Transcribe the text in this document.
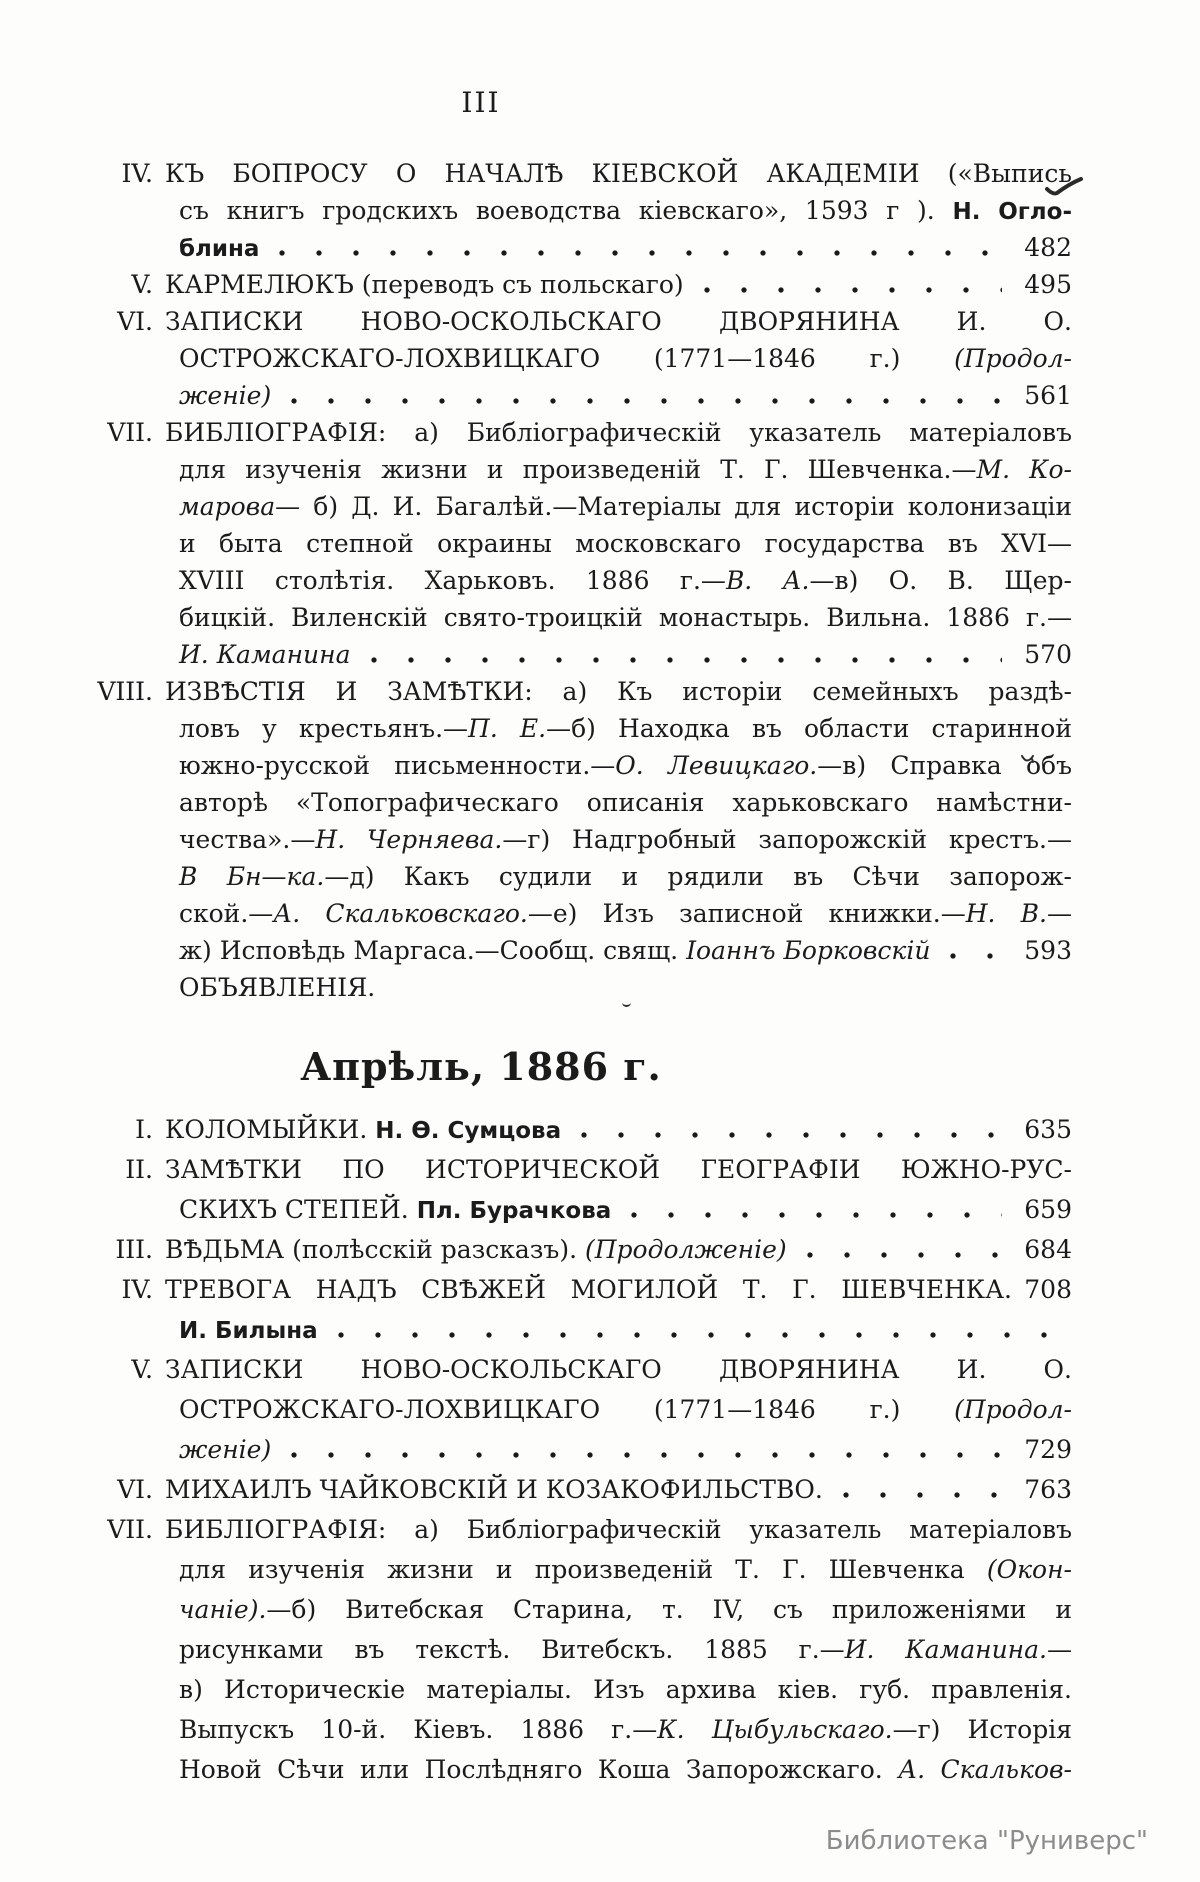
III
IV. КЪ БОПРОСУ О НАЧАЛѢ КІЕВСКОЙ АКАДЕМІИ («Выпись
съ книгъ гродскихъ воеводства кіевскаго», 1593 г ). Н. Огло-
блина	482
V. КАРМЕЛЮКЪ (переводъ съ польскаго)	495
VI. ЗАПИСКИ НОВО-ОСКОЛЬСКАГО ДВОРЯНИНА И. О.
ОСТРОЖСКАГО-ЛОХВИЦКАГО (1771—1846 г.) (Продол-
женіе)	561
VII. БИБЛІОГРАФІЯ: а) Библіографическій указатель матеріаловъ
для изученія жизни и произведеній Т. Г. Шевченка.—М. Ко-
марова— б) Д. И. Багалѣй.—Матеріалы для исторіи колонизаціи
и быта степной окраины московскаго государства въ XVI—
XVIII столѣтія. Харьковъ. 1886 г.—В. А.—в) О. В. Щер-
бицкій. Виленскій свято-троицкій монастырь. Вильна. 1886 г.—
И. Каманина	570
VIII. ИЗВѢСТІЯ И ЗАМѢТКИ: а) Къ исторіи семейныхъ раздѣ-
ловъ у крестьянъ.—П. Е.—б) Находка въ области старинной
южно-русской письменности.—О. Левицкаго.—в) Справка объ
авторѣ «Топографическаго описанія харьковскаго намѣстни-
чества».—Н. Черняева.—г) Надгробный запорожскій крестъ.—
В Бн—ка.—д) Какъ судили и рядили въ Сѣчи запорож-
ской.—А. Скальковскаго.—е) Изъ записной книжки.—Н. В.—
ж) Исповѣдь Маргаса.—Сообщ. свящ. Іоаннъ Борковскій	593
ОБЪЯВЛЕНІЯ.
Апрѣль, 1886 г.
I. КОЛОМЫЙКИ. Н. Ѳ. Сумцова	635
II. ЗАМѢТКИ ПО ИСТОРИЧЕСКОЙ ГЕОГРАФІИ ЮЖНО-РУС-
СКИХЪ СТЕПЕЙ. Пл. Бурачкова	659
III. ВѢДЬМА (полѣсскій разсказъ). (Продолженіе)	684
IV. ТРЕВОГА НАДЪ СВѢЖЕЙ МОГИЛОЙ Т. Г. ШЕВЧЕНКА. 708
И. Билына
V. ЗАПИСКИ НОВО-ОСКОЛЬСКАГО ДВОРЯНИНА И. О.
ОСТРОЖСКАГО-ЛОХВИЦКАГО (1771—1846 г.) (Продол-
женіе)	729
VI. МИХАИЛЪ ЧАЙКОВСКІЙ И КОЗАКОФИЛЬСТВО.	763
VII. БИБЛІОГРАФІЯ: а) Библіографическій указатель матеріаловъ
для изученія жизни и произведеній Т. Г. Шевченка (Окон-
чаніе).—б) Витебская Старина, т. IV, съ приложеніями и
рисунками въ текстѣ. Витебскъ. 1885 г.—И. Каманина.—
в) Историческіе матеріалы. Изъ архива кіев. губ. правленія.
Выпускъ 10-й. Кіевъ. 1886 г.—К. Цыбульскаго.—г) Исторія
Новой Сѣчи или Послѣдняго Коша Запорожскаго. А. Скальков-
Библиотека "Руниверс"
